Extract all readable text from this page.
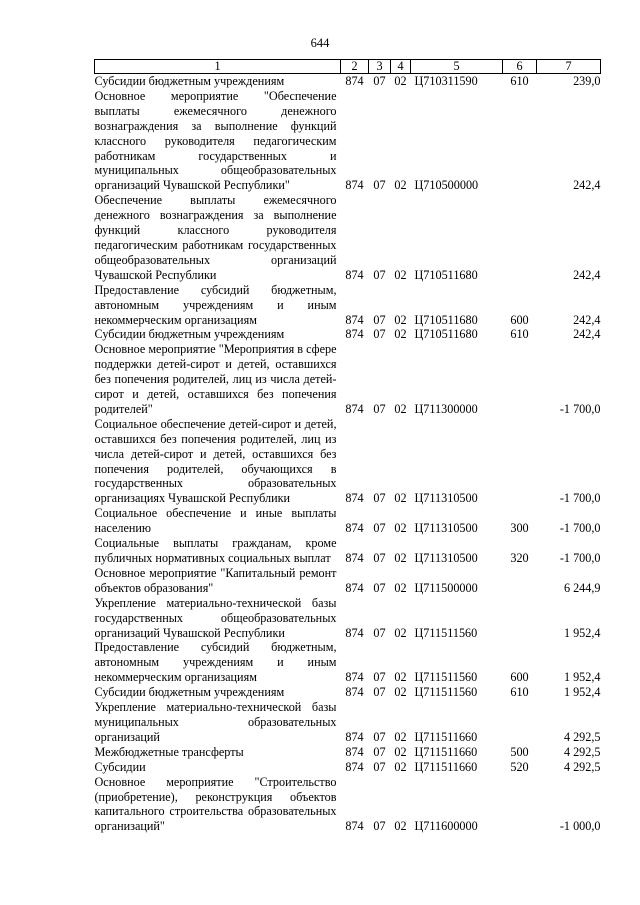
644
1	2	3	4	5	6	7

Субсидии бюджетным учреждениям	874	07	02	Ц710311590	610	239,0

Основное мероприятие "Обеспечение выплаты ежемесячного денежного вознаграждения за выполнение функций классного руководителя педагогическим работникам государственных и муниципальных общеобразовательных организаций Чувашской Республики"	874	07	02	Ц710500000		242,4

Обеспечение выплаты ежемесячного денежного вознаграждения за выполнение функций классного руководителя педагогическим работникам государственных общеобразовательных организаций Чувашской Республики	874	07	02	Ц710511680		242,4

Предоставление субсидий бюджетным, автономным учреждениям и иным некоммерческим организациям	874	07	02	Ц710511680	600	242,4

Субсидии бюджетным учреждениям	874	07	02	Ц710511680	610	242,4

Основное мероприятие "Мероприятия в сфере поддержки детей-сирот и детей, оставшихся без попечения родителей, лиц из числа детей-сирот и детей, оставшихся без попечения родителей"	874	07	02	Ц711300000		-1 700,0

Социальное обеспечение детей-сирот и детей, оставшихся без попечения родителей, лиц из числа детей-сирот и детей, оставшихся без попечения родителей, обучающихся в государственных образовательных организациях Чувашской Республики	874	07	02	Ц711310500		-1 700,0

Социальное обеспечение и иные выплаты населению	874	07	02	Ц711310500	300	-1 700,0

Социальные выплаты гражданам, кроме публичных нормативных социальных выплат	874	07	02	Ц711310500	320	-1 700,0

Основное мероприятие "Капитальный ремонт объектов образования"	874	07	02	Ц711500000		6 244,9

Укрепление материально-технической базы государственных общеобразовательных организаций Чувашской Республики	874	07	02	Ц711511560		1 952,4

Предоставление субсидий бюджетным, автономным учреждениям и иным некоммерческим организациям	874	07	02	Ц711511560	600	1 952,4

Субсидии бюджетным учреждениям	874	07	02	Ц711511560	610	1 952,4

Укрепление материально-технической базы муниципальных образовательных организаций	874	07	02	Ц711511660		4 292,5

Межбюджетные трансферты	874	07	02	Ц711511660	500	4 292,5

Субсидии	874	07	02	Ц711511660	520	4 292,5

Основное мероприятие "Строительство (приобретение), реконструкция объектов капитального строительства образовательных организаций"	874	07	02	Ц711600000		-1 000,0
